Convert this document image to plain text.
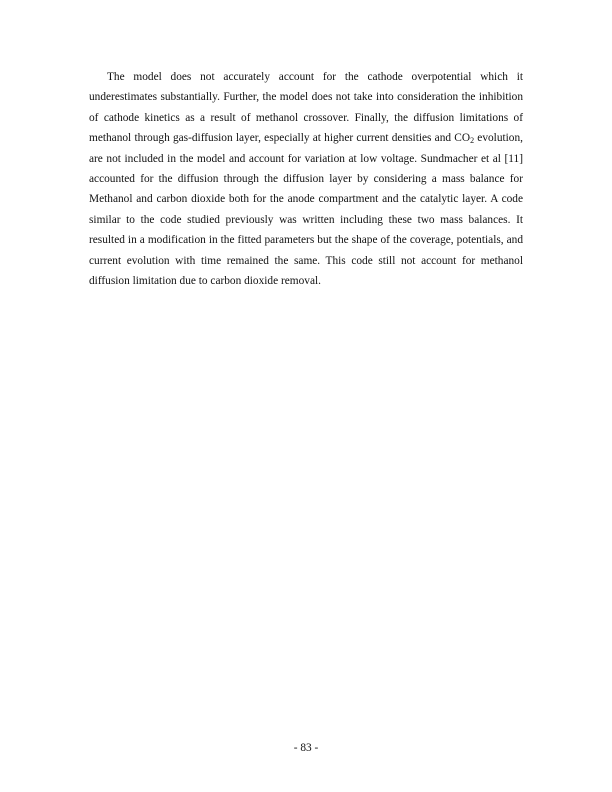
The model does not accurately account for the cathode overpotential which it underestimates substantially. Further, the model does not take into consideration the inhibition of cathode kinetics as a result of methanol crossover. Finally, the diffusion limitations of methanol through gas-diffusion layer, especially at higher current densities and $CO_2$ evolution, are not included in the model and account for variation at low voltage. Sundmacher et al [11] accounted for the diffusion through the diffusion layer by considering a mass balance for Methanol and carbon dioxide both for the anode compartment and the catalytic layer. A code similar to the code studied previously was written including these two mass balances. It resulted in a modification in the fitted parameters but the shape of the coverage, potentials, and current evolution with time remained the same. This code still not account for methanol diffusion limitation due to carbon dioxide removal.

- 83 -
